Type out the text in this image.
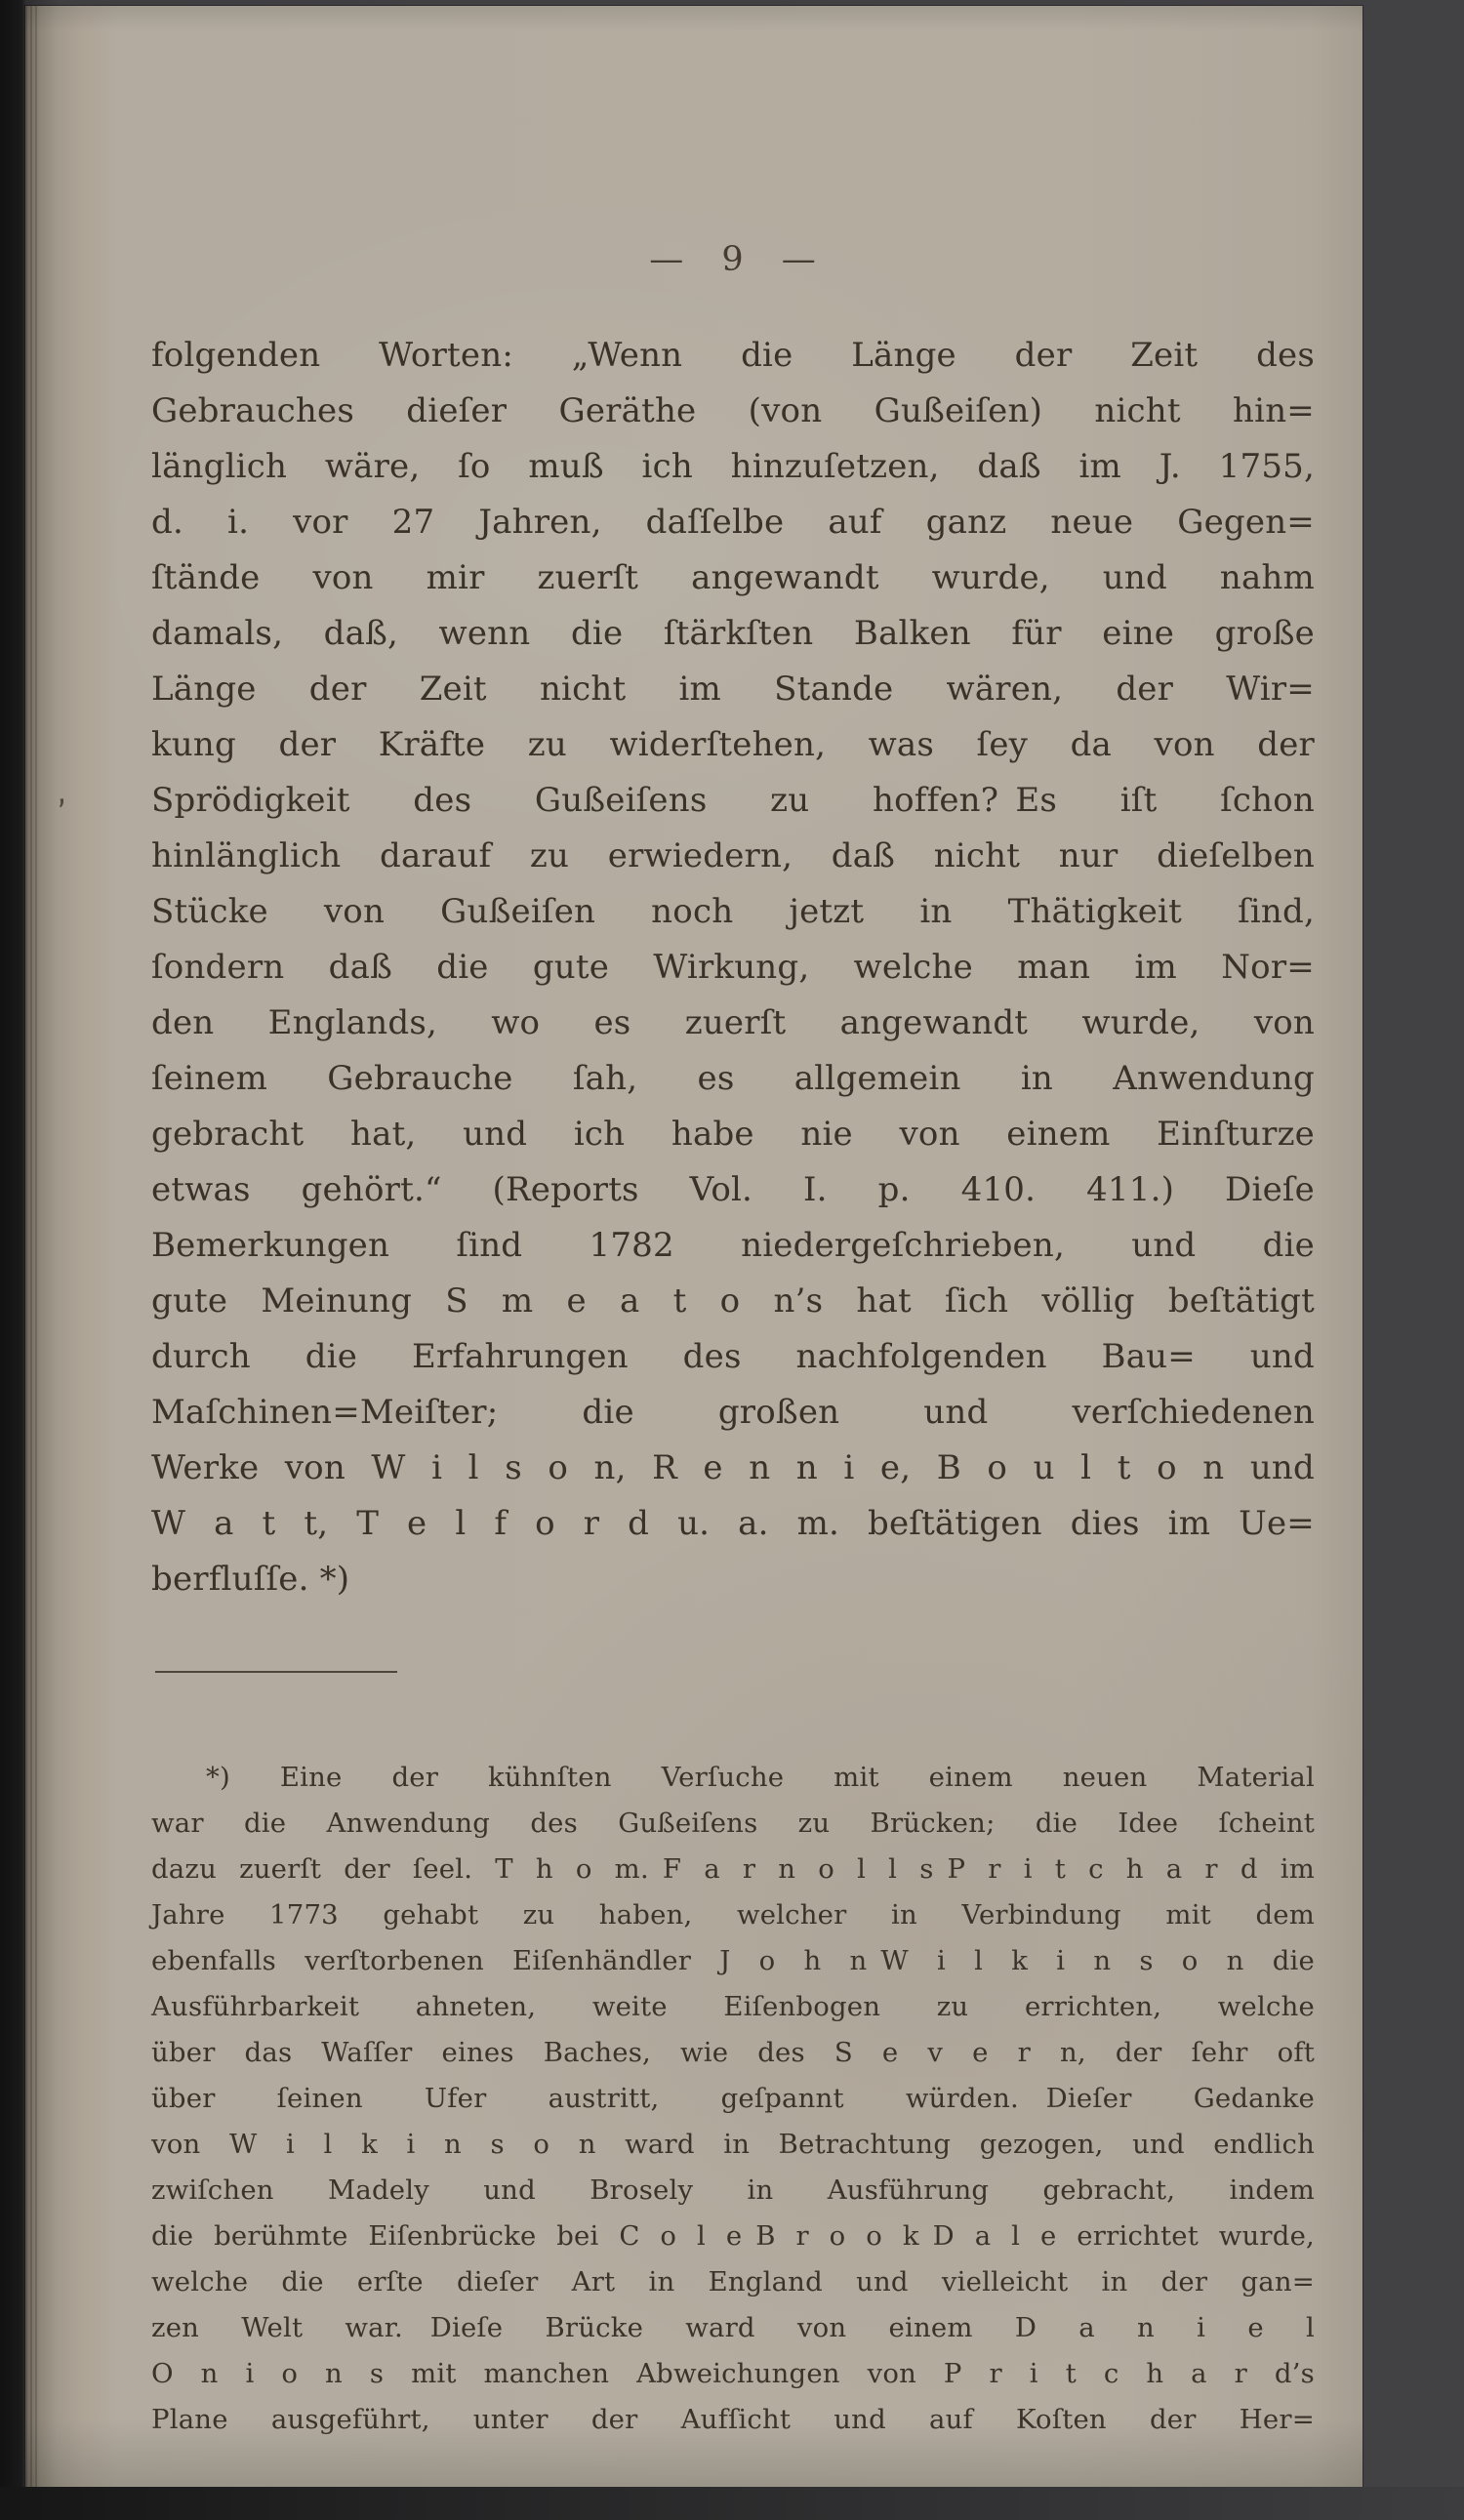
— 9 —
folgenden Worten: „Wenn die Länge der Zeit des
Gebrauches dieſer Geräthe (von Gußeiſen) nicht hin=
länglich wäre, ſo muß ich hinzuſetzen, daß im J. 1755,
d. i. vor 27 Jahren, daſſelbe auf ganz neue Gegen=
ſtände von mir zuerſt angewandt wurde, und nahm
damals, daß, wenn die ſtärkſten Balken für eine große
Länge der Zeit nicht im Stande wären, der Wir=
kung der Kräfte zu widerſtehen, was ſey da von der
Sprödigkeit des Gußeiſens zu hoffen? Es iſt ſchon
hinlänglich darauf zu erwiedern, daß nicht nur dieſelben
Stücke von Gußeiſen noch jetzt in Thätigkeit ſind,
ſondern daß die gute Wirkung, welche man im Nor=
den Englands, wo es zuerſt angewandt wurde, von
ſeinem Gebrauche ſah, es allgemein in Anwendung
gebracht hat, und ich habe nie von einem Einſturze
etwas gehört.“ (Reports Vol. I. p. 410. 411.) Dieſe
Bemerkungen ſind 1782 niedergeſchrieben, und die
gute Meinung S m e a t o n’s hat ſich völlig beſtätigt
durch die Erfahrungen des nachfolgenden Bau= und
Maſchinen=Meiſter; die großen und verſchiedenen
Werke von W i l s o n, R e n n i e, B o u l t o n und
W a t t, T e l f o r d u. a. m. beſtätigen dies im Ue=
berfluſſe. *)
*) Eine der kühnſten Verſuche mit einem neuen Material
war die Anwendung des Gußeiſens zu Brücken; die Idee ſcheint
dazu zuerſt der ſeel. T h o m. F a r n o l l s P r i t c h a r d im
Jahre 1773 gehabt zu haben, welcher in Verbindung mit dem
ebenfalls verſtorbenen Eiſenhändler J o h n W i l k i n s o n die
Ausführbarkeit ahneten, weite Eiſenbogen zu errichten, welche
über das Waſſer eines Baches, wie des S e v e r n, der ſehr oft
über ſeinen Ufer austritt, geſpannt würden. Dieſer Gedanke
von W i l k i n s o n ward in Betrachtung gezogen, und endlich
zwiſchen Madely und Brosely in Ausführung gebracht, indem
die berühmte Eiſenbrücke bei C o l e B r o o k D a l e errichtet wurde,
welche die erſte dieſer Art in England und vielleicht in der gan=
zen Welt war. Dieſe Brücke ward von einem D a n i e l
O n i o n s mit manchen Abweichungen von P r i t c h a r d’s
Plane ausgeführt, unter der Aufſicht und auf Koſten der Her=
’
